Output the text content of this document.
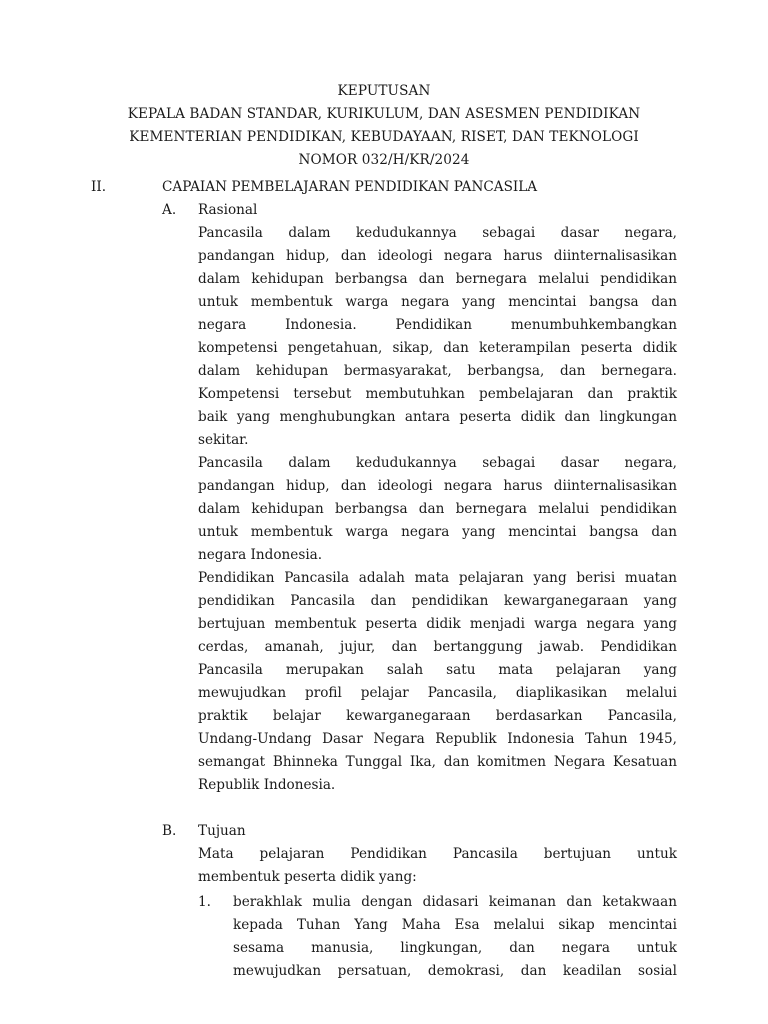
KEPUTUSAN
KEPALA BADAN STANDAR, KURIKULUM, DAN ASESMEN PENDIDIKAN
KEMENTERIAN PENDIDIKAN, KEBUDAYAAN, RISET, DAN TEKNOLOGI
NOMOR 032/H/KR/2024
II.	CAPAIAN PEMBELAJARAN PENDIDIKAN PANCASILA
A. Rasional
Pancasila dalam kedudukannya sebagai dasar negara,
pandangan hidup, dan ideologi negara harus diinternalisasikan
dalam kehidupan berbangsa dan bernegara melalui pendidikan
untuk membentuk warga negara yang mencintai bangsa dan
negara Indonesia. Pendidikan menumbuhkembangkan
kompetensi pengetahuan, sikap, dan keterampilan peserta didik
dalam kehidupan bermasyarakat, berbangsa, dan bernegara.
Kompetensi tersebut membutuhkan pembelajaran dan praktik
baik yang menghubungkan antara peserta didik dan lingkungan
sekitar.
Pancasila dalam kedudukannya sebagai dasar negara,
pandangan hidup, dan ideologi negara harus diinternalisasikan
dalam kehidupan berbangsa dan bernegara melalui pendidikan
untuk membentuk warga negara yang mencintai bangsa dan
negara Indonesia.
Pendidikan Pancasila adalah mata pelajaran yang berisi muatan
pendidikan Pancasila dan pendidikan kewarganegaraan yang
bertujuan membentuk peserta didik menjadi warga negara yang
cerdas, amanah, jujur, dan bertanggung jawab. Pendidikan
Pancasila merupakan salah satu mata pelajaran yang
mewujudkan profil pelajar Pancasila, diaplikasikan melalui
praktik belajar kewarganegaraan berdasarkan Pancasila,
Undang-Undang Dasar Negara Republik Indonesia Tahun 1945,
semangat Bhinneka Tunggal Ika, dan komitmen Negara Kesatuan
Republik Indonesia.
B. Tujuan
Mata pelajaran Pendidikan Pancasila bertujuan untuk
membentuk peserta didik yang:
1. berakhlak mulia dengan didasari keimanan dan ketakwaan
kepada Tuhan Yang Maha Esa melalui sikap mencintai
sesama manusia, lingkungan, dan negara untuk
mewujudkan persatuan, demokrasi, dan keadilan sosial
